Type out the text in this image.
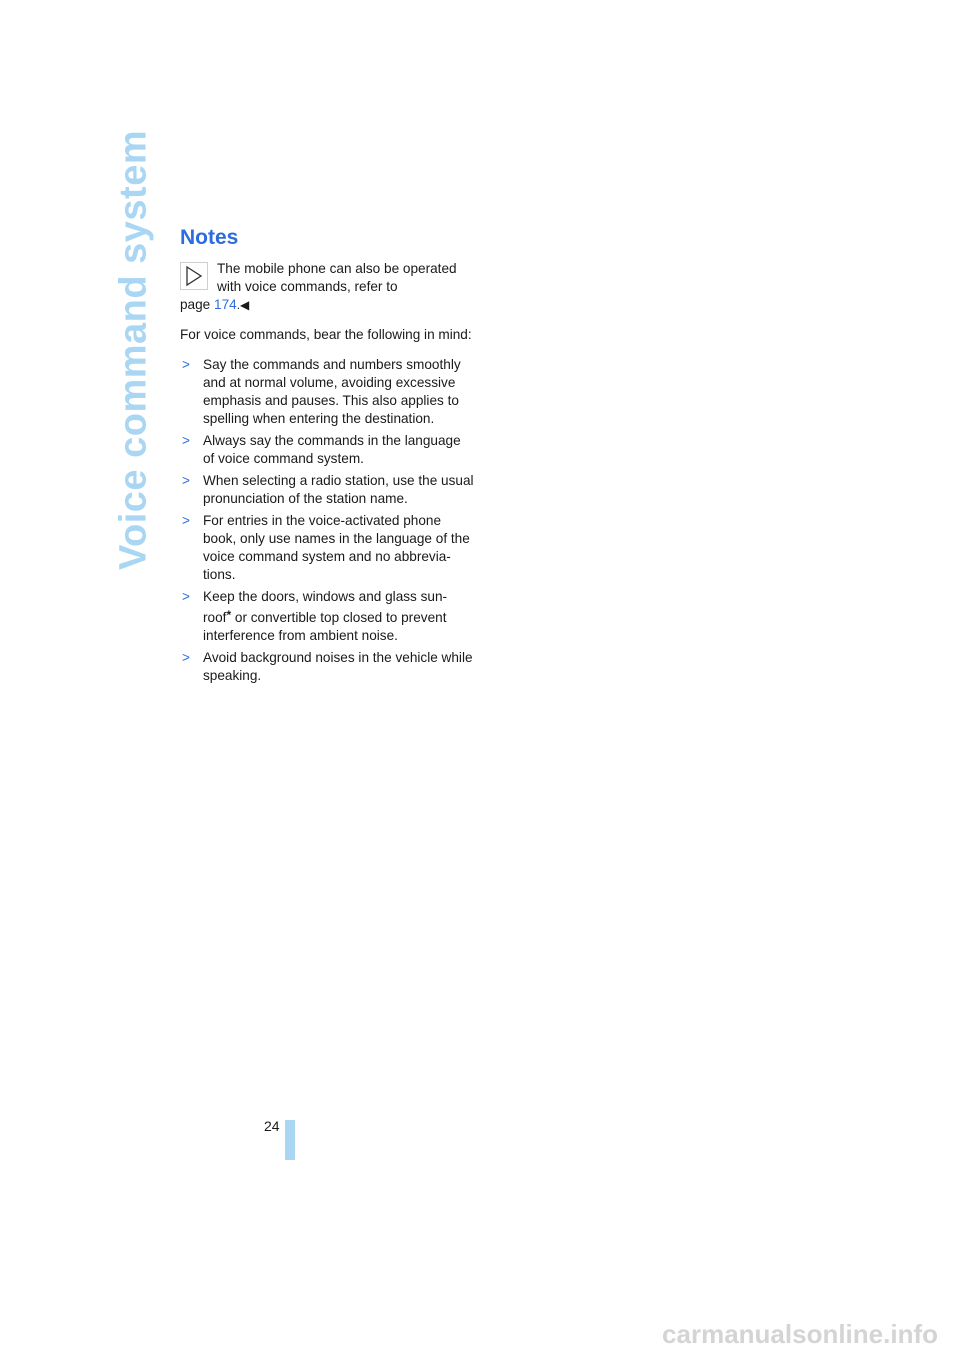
Voice command system Notes
The mobile phone can also be operated
with voice commands, refer to
page 174.◀

For voice commands, bear the following in mind:

> Say the commands and numbers smoothly and at normal volume, avoiding excessive emphasis and pauses. This also applies to spelling when entering the destination.
> Always say the commands in the language of voice command system.
> When selecting a radio station, use the usual pronunciation of the station name.
> For entries in the voice-activated phone book, only use names in the language of the voice command system and no abbrevia-tions.
> Keep the doors, windows and glass sun-roof* or convertible top closed to prevent interference from ambient noise.
> Avoid background noises in the vehicle while speaking.
24
carmanualsonline.info
